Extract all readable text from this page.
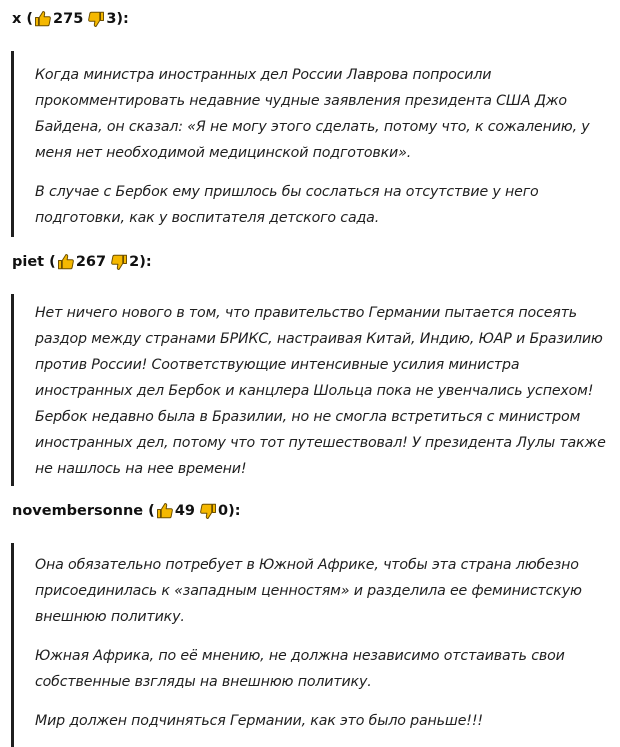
x ( 275 3 ):

Когда министра иностранных дел России Лаврова попросили прокомментировать недавние чудные заявления президента США Джо Байдена, он сказал: «Я не могу этого сделать, потому что, к сожалению, у меня нет необходимой медицинской подготовки».

В случае с Бербок ему пришлось бы сослаться на отсутствие у него подготовки, как у воспитателя детского сада.

piet ( 267 2 ):

Нет ничего нового в том, что правительство Германии пытается посеять раздор между странами БРИКС, настраивая Китай, Индию, ЮАР и Бразилию против России! Соответствующие интенсивные усилия министра иностранных дел Бербок и канцлера Шольца пока не увенчались успехом! Бербок недавно была в Бразилии, но не смогла встретиться с министром иностранных дел, потому что тот путешествовал! У президента Лулы также не нашлось на нее времени!

novembersonne ( 49 0 ):

Она обязательно потребует в Южной Африке, чтобы эта страна любезно присоединилась к «западным ценностям» и разделила ее феминистскую внешнюю политику.

Южная Африка, по её мнению, не должна независимо отстаивать свои собственные взгляды на внешнюю политику.

Мир должен подчиняться Германии, как это было раньше!!!
